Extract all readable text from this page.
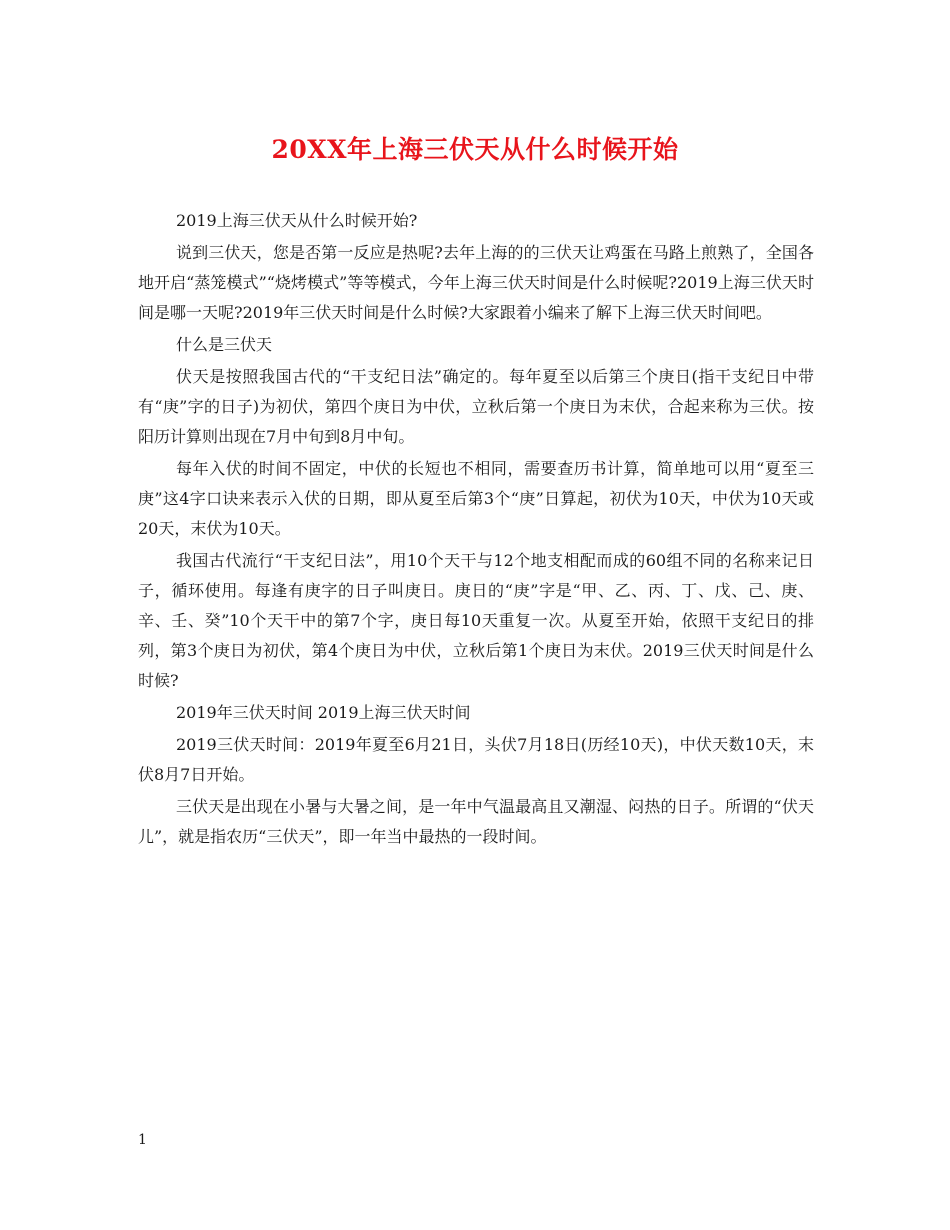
20XX年上海三伏天从什么时候开始

2019上海三伏天从什么时候开始?

说到三伏天，您是否第一反应是热呢?去年上海的的三伏天让鸡蛋在马路上煎熟了，全国各地开启“蒸笼模式”“烧烤模式”等等模式，今年上海三伏天时间是什么时候呢?2019上海三伏天时间是哪一天呢?2019年三伏天时间是什么时候?大家跟着小编来了解下上海三伏天时间吧。

什么是三伏天

伏天是按照我国古代的“干支纪日法”确定的。每年夏至以后第三个庚日(指干支纪日中带有“庚”字的日子)为初伏，第四个庚日为中伏，立秋后第一个庚日为末伏，合起来称为三伏。按阳历计算则出现在7月中旬到8月中旬。

每年入伏的时间不固定，中伏的长短也不相同，需要查历书计算，简单地可以用“夏至三庚”这4字口诀来表示入伏的日期，即从夏至后第3个“庚”日算起，初伏为10天，中伏为10天或20天，末伏为10天。

我国古代流行“干支纪日法”，用10个天干与12个地支相配而成的60组不同的名称来记日子，循环使用。每逢有庚字的日子叫庚日。庚日的“庚”字是“甲、乙、丙、丁、戊、己、庚、辛、壬、癸”10个天干中的第7个字，庚日每10天重复一次。从夏至开始，依照干支纪日的排列，第3个庚日为初伏，第4个庚日为中伏，立秋后第1个庚日为末伏。2019三伏天时间是什么时候?

2019年三伏天时间 2019上海三伏天时间

2019三伏天时间：2019年夏至6月21日，头伏7月18日(历经10天)，中伏天数10天，末伏8月7日开始。

三伏天是出现在小暑与大暑之间，是一年中气温最高且又潮湿、闷热的日子。所谓的“伏天儿”，就是指农历“三伏天”，即一年当中最热的一段时间。

1
